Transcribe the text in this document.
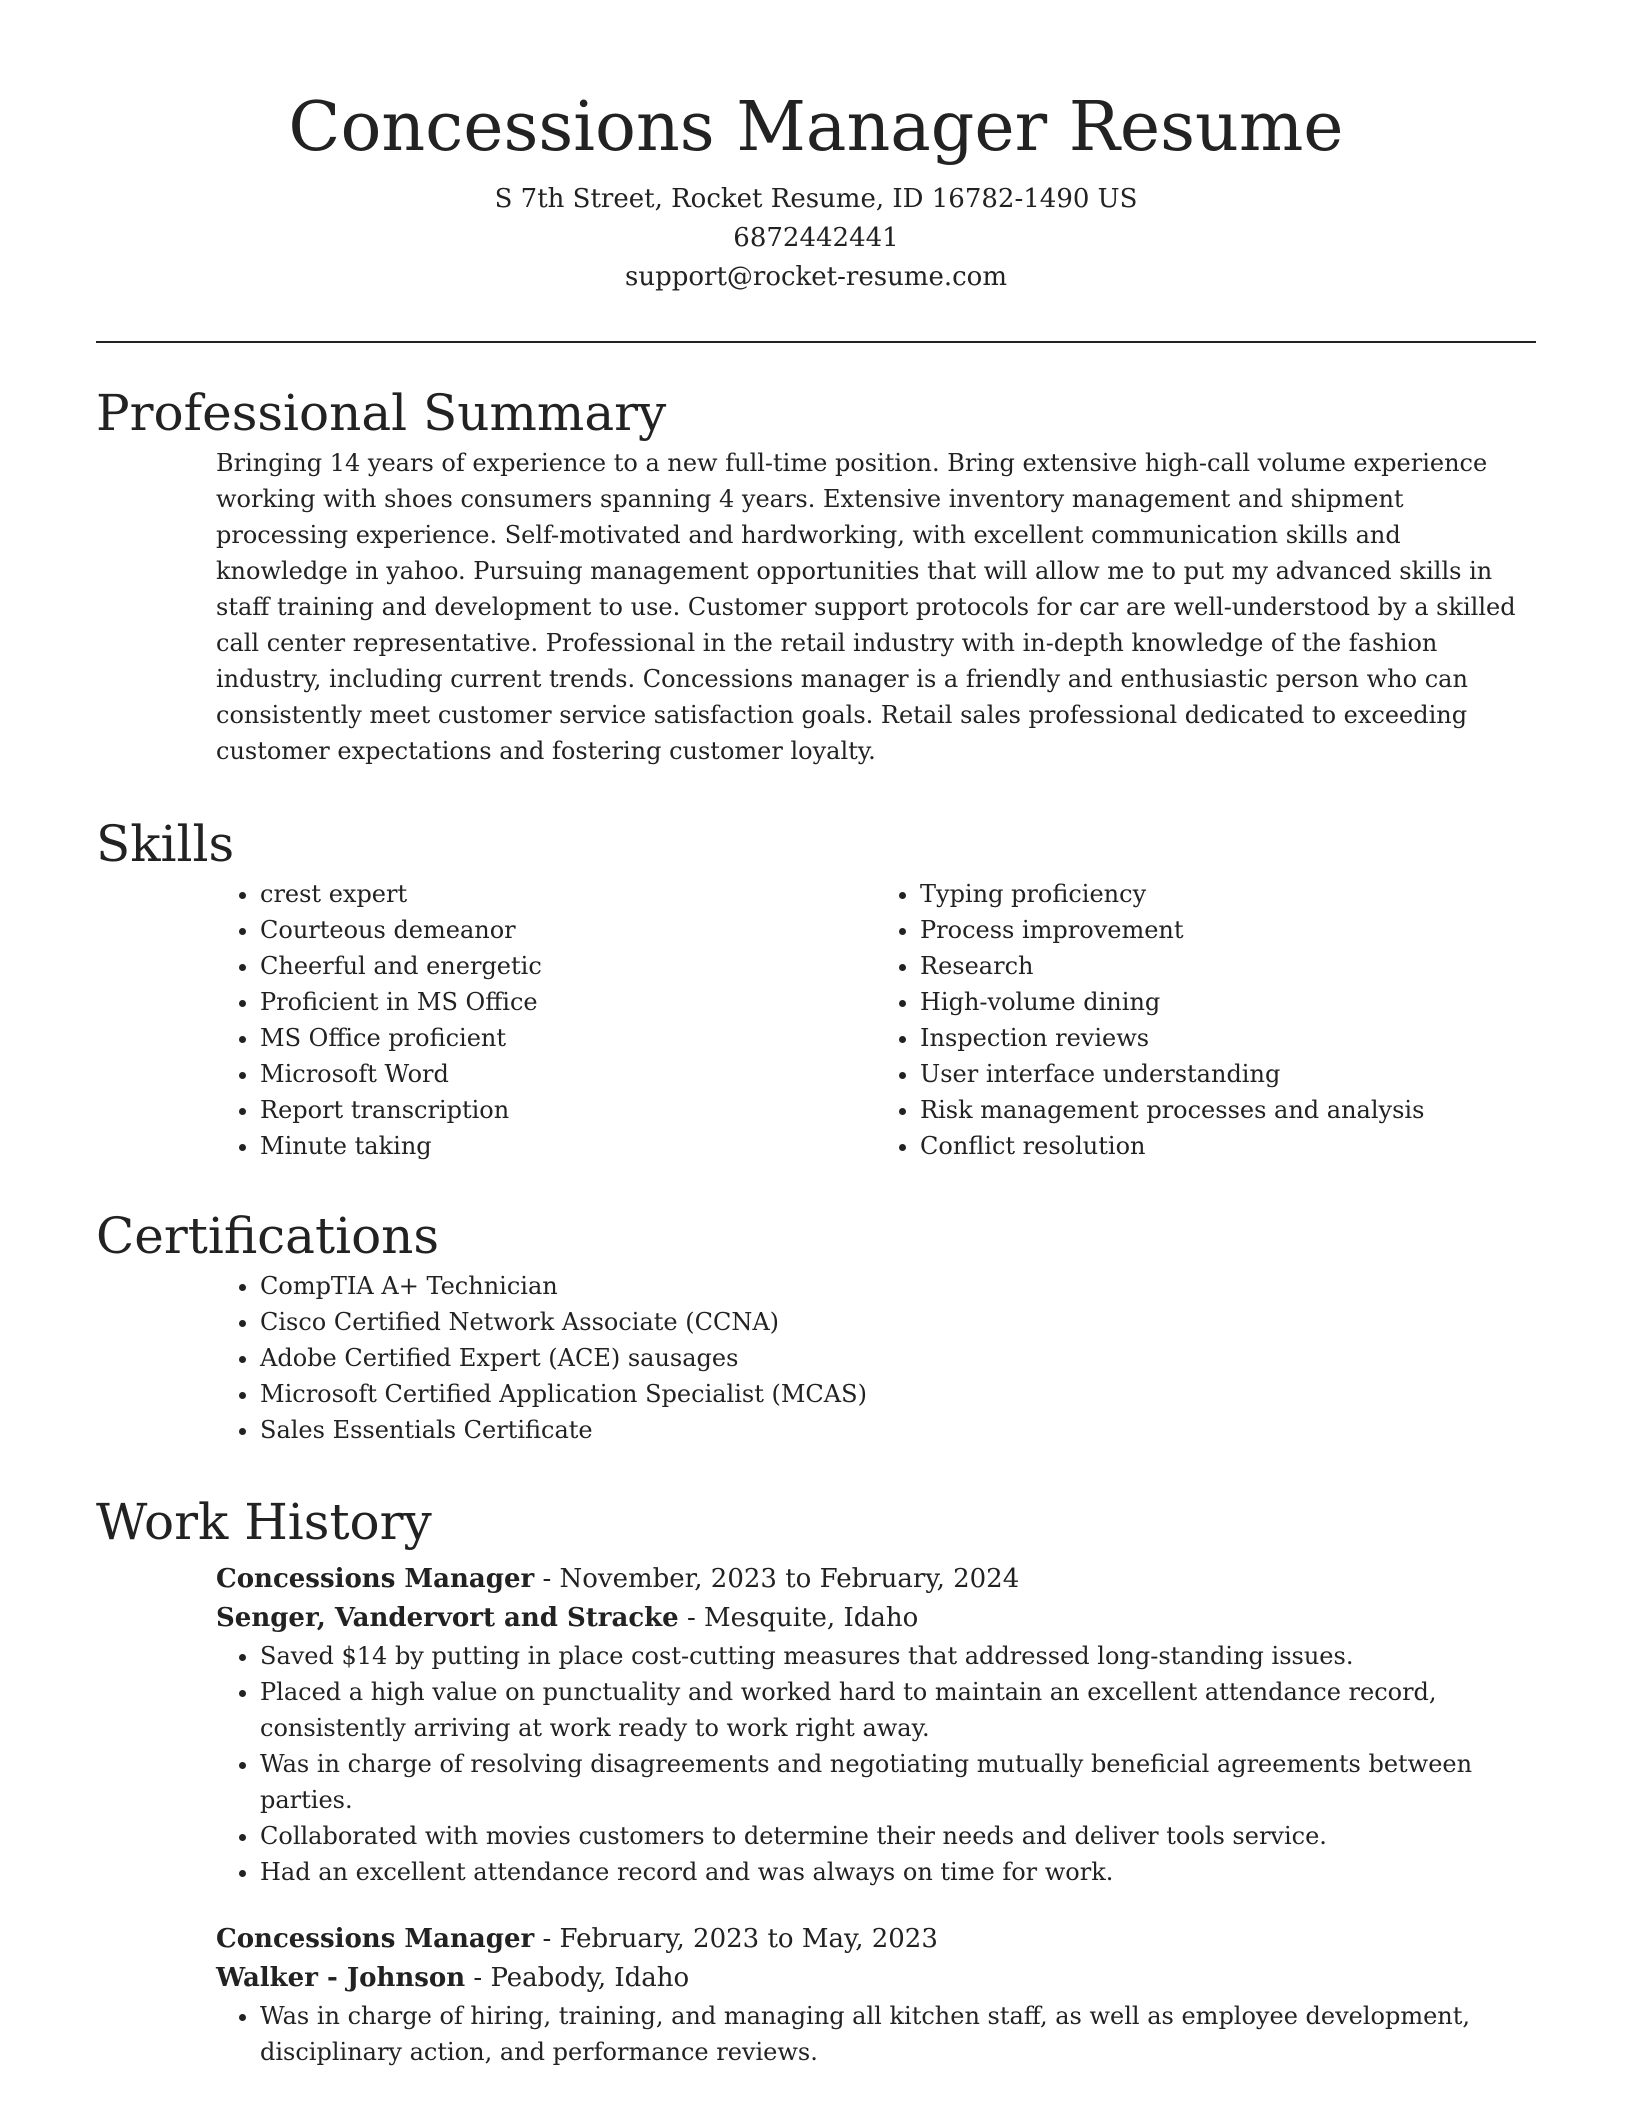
Concessions Manager Resume
S 7th Street, Rocket Resume, ID 16782-1490 US
6872442441
support@rocket-resume.com
Professional Summary

Bringing 14 years of experience to a new full-time position. Bring extensive high-call volume experience working with shoes consumers spanning 4 years. Extensive inventory management and shipment processing experience. Self-motivated and hardworking, with excellent communication skills and knowledge in yahoo. Pursuing management opportunities that will allow me to put my advanced skills in staff training and development to use. Customer support protocols for car are well-understood by a skilled call center representative. Professional in the retail industry with in-depth knowledge of the fashion industry, including current trends. Concessions manager is a friendly and enthusiastic person who can consistently meet customer service satisfaction goals. Retail sales professional dedicated to exceeding customer expectations and fostering customer loyalty.

Skills
• crest expert
• Courteous demeanor
• Cheerful and energetic
• Proficient in MS Office
• MS Office proficient
• Microsoft Word
• Report transcription
• Minute taking
• Typing proficiency
• Process improvement
• Research
• High-volume dining
• Inspection reviews
• User interface understanding
• Risk management processes and analysis
• Conflict resolution
Certifications
• CompTIA A+ Technician
• Cisco Certified Network Associate (CCNA)
• Adobe Certified Expert (ACE) sausages
• Microsoft Certified Application Specialist (MCAS)
• Sales Essentials Certificate
Work History
Concessions Manager - November, 2023 to February, 2024
Senger, Vandervort and Stracke - Mesquite, Idaho
• Saved $14 by putting in place cost-cutting measures that addressed long-standing issues.
• Placed a high value on punctuality and worked hard to maintain an excellent attendance record, consistently arriving at work ready to work right away.
• Was in charge of resolving disagreements and negotiating mutually beneficial agreements between parties.
• Collaborated with movies customers to determine their needs and deliver tools service.
• Had an excellent attendance record and was always on time for work.
Concessions Manager - February, 2023 to May, 2023
Walker - Johnson - Peabody, Idaho
• Was in charge of hiring, training, and managing all kitchen staff, as well as employee development, disciplinary action, and performance reviews.
